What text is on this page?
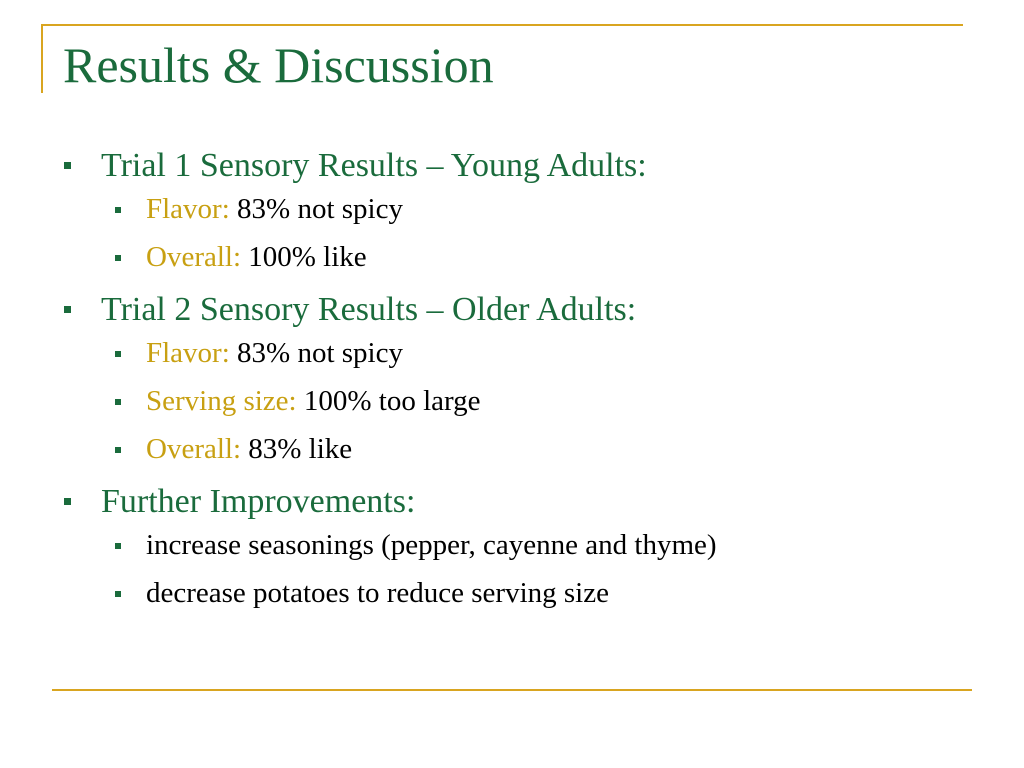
Results & Discussion
Trial 1 Sensory Results – Young Adults:
Flavor: 83% not spicy
Overall: 100% like
Trial 2 Sensory Results – Older Adults:
Flavor: 83% not spicy
Serving size: 100% too large
Overall: 83% like
Further Improvements:
increase seasonings (pepper, cayenne and thyme)
decrease potatoes to reduce serving size
